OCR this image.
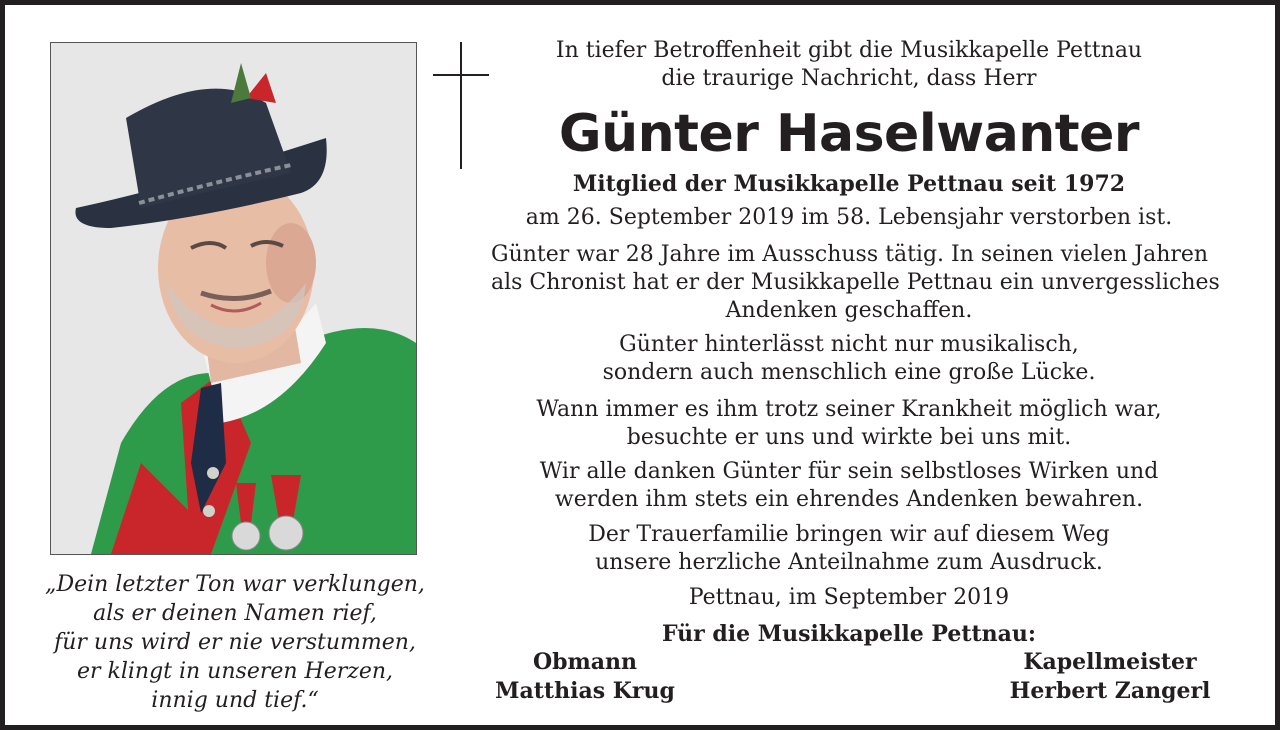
„Dein letzter Ton war verklungen,
als er deinen Namen rief,
für uns wird er nie verstummen,
er klingt in unseren Herzen,
innig und tief.“
In tiefer Betroffenheit gibt die Musikkapelle Pettnau
die traurige Nachricht, dass Herr
Günter Haselwanter
Mitglied der Musikkapelle Pettnau seit 1972
am 26. September 2019 im 58. Lebensjahr verstorben ist.
Günter war 28 Jahre im Ausschuss tätig. In seinen vielen Jahren
als Chronist hat er der Musikkapelle Pettnau ein unvergessliches
Andenken geschaffen.
Günter hinterlässt nicht nur musikalisch,
sondern auch menschlich eine große Lücke.
Wann immer es ihm trotz seiner Krankheit möglich war,
besuchte er uns und wirkte bei uns mit.
Wir alle danken Günter für sein selbstloses Wirken und
werden ihm stets ein ehrendes Andenken bewahren.
Der Trauerfamilie bringen wir auf diesem Weg
unsere herzliche Anteilnahme zum Ausdruck.
Pettnau, im September 2019
Für die Musikkapelle Pettnau:
Obmann
Matthias Krug
Kapellmeister
Herbert Zangerl
